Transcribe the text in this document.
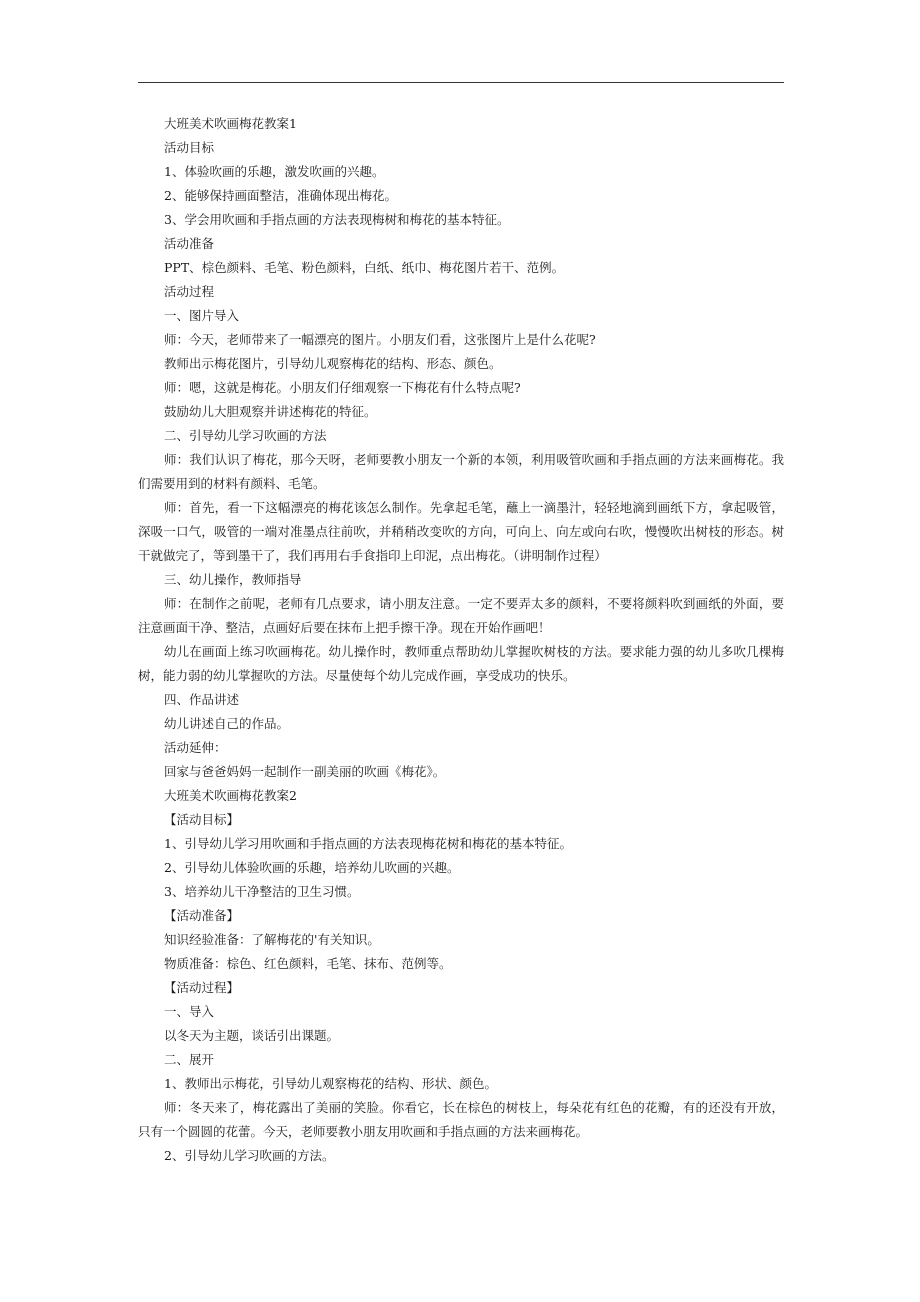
大班美术吹画梅花教案1
活动目标
1、体验吹画的乐趣，激发吹画的兴趣。
2、能够保持画面整洁，准确体现出梅花。
3、学会用吹画和手指点画的方法表现梅树和梅花的基本特征。
活动准备
PPT、棕色颜料、毛笔、粉色颜料，白纸、纸巾、梅花图片若干、范例。
活动过程
一、图片导入
师：今天，老师带来了一幅漂亮的图片。小朋友们看，这张图片上是什么花呢?
教师出示梅花图片，引导幼儿观察梅花的结构、形态、颜色。
师：嗯，这就是梅花。小朋友们仔细观察一下梅花有什么特点呢?
鼓励幼儿大胆观察并讲述梅花的特征。
二、引导幼儿学习吹画的方法
师：我们认识了梅花，那今天呀，老师要教小朋友一个新的本领，利用吸管吹画和手指点画的方法来画梅花。我们需要用到的材料有颜料、毛笔。
师：首先，看一下这幅漂亮的梅花该怎么制作。先拿起毛笔，蘸上一滴墨汁，轻轻地滴到画纸下方，拿起吸管，深吸一口气，吸管的一端对准墨点往前吹，并稍稍改变吹的方向，可向上、向左或向右吹，慢慢吹出树枝的形态。树干就做完了，等到墨干了，我们再用右手食指印上印泥，点出梅花。（讲明制作过程）
三、幼儿操作，教师指导
师：在制作之前呢，老师有几点要求，请小朋友注意。一定不要弄太多的颜料，不要将颜料吹到画纸的外面，要注意画面干净、整洁，点画好后要在抹布上把手擦干净。现在开始作画吧！
幼儿在画面上练习吹画梅花。幼儿操作时，教师重点帮助幼儿掌握吹树枝的方法。要求能力强的幼儿多吹几棵梅树，能力弱的幼儿掌握吹的方法。尽量使每个幼儿完成作画，享受成功的快乐。
四、作品讲述
幼儿讲述自己的作品。
活动延伸：
回家与爸爸妈妈一起制作一副美丽的吹画《梅花》。
大班美术吹画梅花教案2
【活动目标】
1、引导幼儿学习用吹画和手指点画的方法表现梅花树和梅花的基本特征。
2、引导幼儿体验吹画的乐趣，培养幼儿吹画的兴趣。
3、培养幼儿干净整洁的卫生习惯。
【活动准备】
知识经验准备：了解梅花的'有关知识。
物质准备：棕色、红色颜料，毛笔、抹布、范例等。
【活动过程】
一、导入
以冬天为主题，谈话引出课题。
二、展开
1、教师出示梅花，引导幼儿观察梅花的结构、形状、颜色。
师：冬天来了，梅花露出了美丽的笑脸。你看它，长在棕色的树枝上，每朵花有红色的花瓣，有的还没有开放，只有一个圆圆的花蕾。今天，老师要教小朋友用吹画和手指点画的方法来画梅花。
2、引导幼儿学习吹画的方法。
